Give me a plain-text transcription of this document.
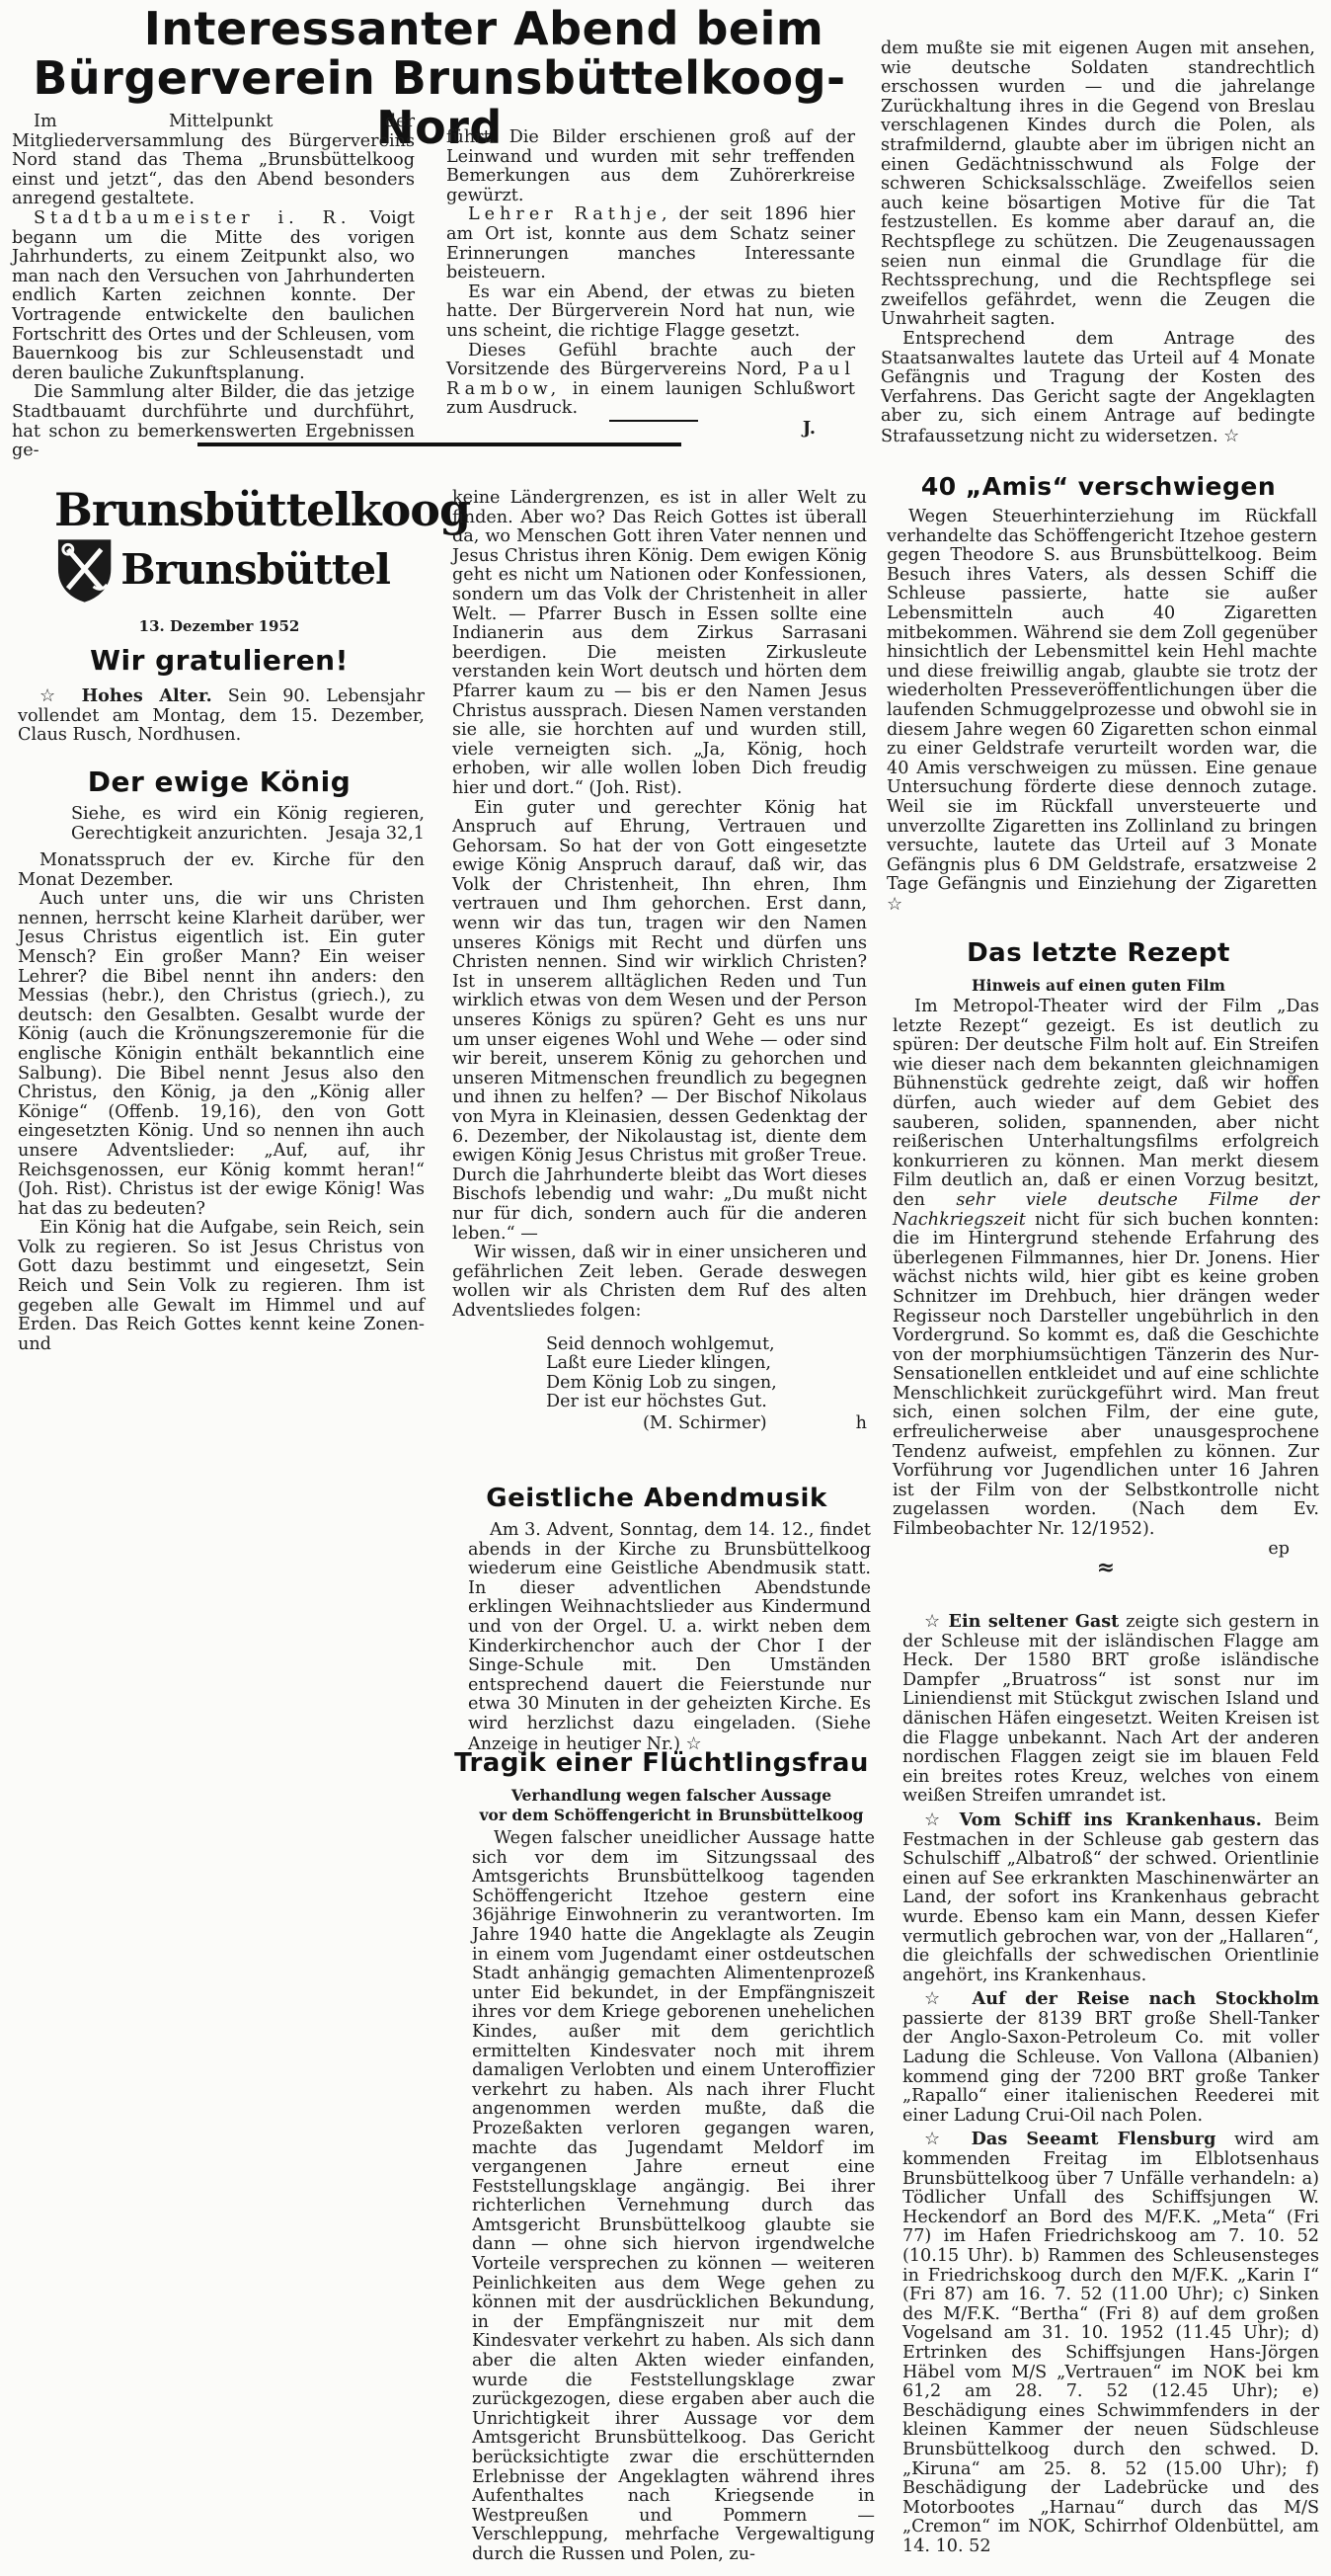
Interessanter Abend beim
Bürgerverein Brunsbüttelkoog-Nord

Im Mittelpunkt der Mitgliederversammlung des Bürgervereins Nord stand das Thema „Brunsbüttelkoog einst und jetzt“, das den Abend besonders anregend gestaltete.

Stadtbaumeister i. R. Voigt begann um die Mitte des vorigen Jahrhunderts, zu einem Zeitpunkt also, wo man nach den Versuchen von Jahrhunderten endlich Karten zeichnen konnte. Der Vortragende entwickelte den baulichen Fortschritt des Ortes und der Schleusen, vom Bauernkoog bis zur Schleusenstadt und deren bauliche Zukunftsplanung.

Die Sammlung alter Bilder, die das jetzige Stadtbauamt durchführte und durchführt, hat schon zu bemerkenswerten Ergebnissen ge-

führt. Die Bilder erschienen groß auf der Leinwand und wurden mit sehr treffenden Bemerkungen aus dem Zuhörerkreise gewürzt.

Lehrer Rathje, der seit 1896 hier am Ort ist, konnte aus dem Schatz seiner Erinnerungen manches Interessante beisteuern.

Es war ein Abend, der etwas zu bieten hatte. Der Bürgerverein Nord hat nun, wie uns scheint, die richtige Flagge gesetzt.

Dieses Gefühl brachte auch der Vorsitzende des Bürgervereins Nord, Paul Rambow, in einem launigen Schlußwort zum Ausdruck.

J.
Brunsbüttelkoog
Brunsbüttel
13. Dezember 1952
Wir gratulieren!

☆ Hohes Alter. Sein 90. Lebensjahr vollendet am Montag, dem 15. Dezember, Claus Rusch, Nordhusen.

Der ewige König

Siehe, es wird ein König regieren, Gerechtigkeit anzurichten.	Jesaja 32,1

Monatsspruch der ev. Kirche für den Monat Dezember.

Auch unter uns, die wir uns Christen nennen, herrscht keine Klarheit darüber, wer Jesus Christus eigentlich ist. Ein guter Mensch? Ein großer Mann? Ein weiser Lehrer? die Bibel nennt ihn anders: den Messias (hebr.), den Christus (griech.), zu deutsch: den Gesalbten. Gesalbt wurde der König (auch die Krönungszeremonie für die englische Königin enthält bekanntlich eine Salbung). Die Bibel nennt Jesus also den Christus, den König, ja den „König aller Könige“ (Offenb. 19,16), den von Gott eingesetzten König. Und so nennen ihn auch unsere Adventslieder: „Auf, auf, ihr Reichsgenossen, eur König kommt heran!“ (Joh. Rist). Christus ist der ewige König! Was hat das zu bedeuten?

Ein König hat die Aufgabe, sein Reich, sein Volk zu regieren. So ist Jesus Christus von Gott dazu bestimmt und eingesetzt, Sein Reich und Sein Volk zu regieren. Ihm ist gegeben alle Gewalt im Himmel und auf Erden. Das Reich Gottes kennt keine Zonen- und

keine Ländergrenzen, es ist in aller Welt zu finden. Aber wo? Das Reich Gottes ist überall da, wo Menschen Gott ihren Vater nennen und Jesus Christus ihren König. Dem ewigen König geht es nicht um Nationen oder Konfessionen, sondern um das Volk der Christenheit in aller Welt. — Pfarrer Busch in Essen sollte eine Indianerin aus dem Zirkus Sarrasani beerdigen. Die meisten Zirkusleute verstanden kein Wort deutsch und hörten dem Pfarrer kaum zu — bis er den Namen Jesus Christus aussprach. Diesen Namen verstanden sie alle, sie horchten auf und wurden still, viele verneigten sich. „Ja, König, hoch erhoben, wir alle wollen loben Dich freudig hier und dort.“ (Joh. Rist).

Ein guter und gerechter König hat Anspruch auf Ehrung, Vertrauen und Gehorsam. So hat der von Gott eingesetzte ewige König Anspruch darauf, daß wir, das Volk der Christenheit, Ihn ehren, Ihm vertrauen und Ihm gehorchen. Erst dann, wenn wir das tun, tragen wir den Namen unseres Königs mit Recht und dürfen uns Christen nennen. Sind wir wirklich Christen? Ist in unserem alltäglichen Reden und Tun wirklich etwas von dem Wesen und der Person unseres Königs zu spüren? Geht es uns nur um unser eigenes Wohl und Wehe — oder sind wir bereit, unserem König zu gehorchen und unseren Mitmenschen freundlich zu begegnen und ihnen zu helfen? — Der Bischof Nikolaus von Myra in Kleinasien, dessen Gedenktag der 6. Dezember, der Nikolaustag ist, diente dem ewigen König Jesus Christus mit großer Treue. Durch die Jahrhunderte bleibt das Wort dieses Bischofs lebendig und wahr: „Du mußt nicht nur für dich, sondern auch für die anderen leben.“ —

Wir wissen, daß wir in einer unsicheren und gefährlichen Zeit leben. Gerade deswegen wollen wir als Christen dem Ruf des alten Adventsliedes folgen:

Seid dennoch wohlgemut,
Laßt eure Lieder klingen,
Dem König Lob zu singen,
Der ist eur höchstes Gut.
(M. Schirmer)	h
Geistliche Abendmusik

Am 3. Advent, Sonntag, dem 14. 12., findet abends in der Kirche zu Brunsbüttelkoog wiederum eine Geistliche Abendmusik statt. In dieser adventlichen Abendstunde erklingen Weihnachtslieder aus Kindermund und von der Orgel. U. a. wirkt neben dem Kinderkirchenchor auch der Chor I der Singe-Schule mit. Den Umständen entsprechend dauert die Feierstunde nur etwa 30 Minuten in der geheizten Kirche. Es wird herzlichst dazu eingeladen. (Siehe Anzeige in heutiger Nr.) ☆

Tragik einer Flüchtlingsfrau
Verhandlung wegen falscher Aussage
vor dem Schöffengericht in Brunsbüttelkoog

Wegen falscher uneidlicher Aussage hatte sich vor dem im Sitzungssaal des Amtsgerichts Brunsbüttelkoog tagenden Schöffengericht Itzehoe gestern eine 36jährige Einwohnerin zu verantworten. Im Jahre 1940 hatte die Angeklagte als Zeugin in einem vom Jugendamt einer ostdeutschen Stadt anhängig gemachten Alimentenprozeß unter Eid bekundet, in der Empfängniszeit ihres vor dem Kriege geborenen unehelichen Kindes, außer mit dem gerichtlich ermittelten Kindesvater noch mit ihrem damaligen Verlobten und einem Unteroffizier verkehrt zu haben. Als nach ihrer Flucht angenommen werden mußte, daß die Prozeßakten verloren gegangen waren, machte das Jugendamt Meldorf im vergangenen Jahre erneut eine Feststellungsklage angängig. Bei ihrer richterlichen Vernehmung durch das Amtsgericht Brunsbüttelkoog glaubte sie dann — ohne sich hiervon irgendwelche Vorteile versprechen zu können — weiteren Peinlichkeiten aus dem Wege gehen zu können mit der ausdrücklichen Bekundung, in der Empfängniszeit nur mit dem Kindesvater verkehrt zu haben. Als sich dann aber die alten Akten wieder einfanden, wurde die Feststellungsklage zwar zurückgezogen, diese ergaben aber auch die Unrichtigkeit ihrer Aussage vor dem Amtsgericht Brunsbüttelkoog. Das Gericht berücksichtigte zwar die erschütternden Erlebnisse der Angeklagten während ihres Aufenthaltes nach Kriegsende in Westpreußen und Pommern — Verschleppung, mehrfache Vergewaltigung durch die Russen und Polen, zu-

dem mußte sie mit eigenen Augen mit ansehen, wie deutsche Soldaten standrechtlich erschossen wurden — und die jahrelange Zurückhaltung ihres in die Gegend von Breslau verschlagenen Kindes durch die Polen, als strafmildernd, glaubte aber im übrigen nicht an einen Gedächtnisschwund als Folge der schweren Schicksalsschläge. Zweifellos seien auch keine bösartigen Motive für die Tat festzustellen. Es komme aber darauf an, die Rechtspflege zu schützen. Die Zeugenaussagen seien nun einmal die Grundlage für die Rechtssprechung, und die Rechtspflege sei zweifellos gefährdet, wenn die Zeugen die Unwahrheit sagten.

Entsprechend dem Antrage des Staatsanwaltes lautete das Urteil auf 4 Monate Gefängnis und Tragung der Kosten des Verfahrens. Das Gericht sagte der Angeklagten aber zu, sich einem Antrage auf bedingte Strafaussetzung nicht zu widersetzen. ☆

40 „Amis“ verschwiegen

Wegen Steuerhinterziehung im Rückfall verhandelte das Schöffengericht Itzehoe gestern gegen Theodore S. aus Brunsbüttelkoog. Beim Besuch ihres Vaters, als dessen Schiff die Schleuse passierte, hatte sie außer Lebensmitteln auch 40 Zigaretten mitbekommen. Während sie dem Zoll gegenüber hinsichtlich der Lebensmittel kein Hehl machte und diese freiwillig angab, glaubte sie trotz der wiederholten Presseveröffentlichungen über die laufenden Schmuggelprozesse und obwohl sie in diesem Jahre wegen 60 Zigaretten schon einmal zu einer Geldstrafe verurteilt worden war, die 40 Amis verschweigen zu müssen. Eine genaue Untersuchung förderte diese dennoch zutage. Weil sie im Rückfall unversteuerte und unverzollte Zigaretten ins Zollinland zu bringen versuchte, lautete das Urteil auf 3 Monate Gefängnis plus 6 DM Geldstrafe, ersatzweise 2 Tage Gefängnis und Einziehung der Zigaretten ☆

Das letzte Rezept
Hinweis auf einen guten Film

Im Metropol-Theater wird der Film „Das letzte Rezept“ gezeigt. Es ist deutlich zu spüren: Der deutsche Film holt auf. Ein Streifen wie dieser nach dem bekannten gleichnamigen Bühnenstück gedrehte zeigt, daß wir hoffen dürfen, auch wieder auf dem Gebiet des sauberen, soliden, spannenden, aber nicht reißerischen Unterhaltungsfilms erfolgreich konkurrieren zu können. Man merkt diesem Film deutlich an, daß er einen Vorzug besitzt, den sehr viele deutsche Filme der Nachkriegszeit nicht für sich buchen konnten: die im Hintergrund stehende Erfahrung des überlegenen Filmmannes, hier Dr. Jonens. Hier wächst nichts wild, hier gibt es keine groben Schnitzer im Drehbuch, hier drängen weder Regisseur noch Darsteller ungebührlich in den Vordergrund. So kommt es, daß die Geschichte von der morphiumsüchtigen Tänzerin des Nur-Sensationellen entkleidet und auf eine schlichte Menschlichkeit zurückgeführt wird. Man freut sich, einen solchen Film, der eine gute, erfreulicherweise aber unausgesprochene Tendenz aufweist, empfehlen zu können. Zur Vorführung vor Jugendlichen unter 16 Jahren ist der Film von der Selbstkontrolle nicht zugelassen worden. (Nach dem Ev. Filmbeobachter Nr. 12/1952).

ep
≈

☆ Ein seltener Gast zeigte sich gestern in der Schleuse mit der isländischen Flagge am Heck. Der 1580 BRT große isländische Dampfer „Bruatross“ ist sonst nur im Liniendienst mit Stückgut zwischen Island und dänischen Häfen eingesetzt. Weiten Kreisen ist die Flagge unbekannt. Nach Art der anderen nordischen Flaggen zeigt sie im blauen Feld ein breites rotes Kreuz, welches von einem weißen Streifen umrandet ist.

☆ Vom Schiff ins Krankenhaus. Beim Festmachen in der Schleuse gab gestern das Schulschiff „Albatroß“ der schwed. Orientlinie einen auf See erkrankten Maschinenwärter an Land, der sofort ins Krankenhaus gebracht wurde. Ebenso kam ein Mann, dessen Kiefer vermutlich gebrochen war, von der „Hallaren“, die gleichfalls der schwedischen Orientlinie angehört, ins Krankenhaus.

☆ Auf der Reise nach Stockholm passierte der 8139 BRT große Shell-Tanker der Anglo-Saxon-Petroleum Co. mit voller Ladung die Schleuse. Von Vallona (Albanien) kommend ging der 7200 BRT große Tanker „Rapallo“ einer italienischen Reederei mit einer Ladung Crui-Oil nach Polen.

☆ Das Seeamt Flensburg wird am kommenden Freitag im Elblotsenhaus Brunsbüttelkoog über 7 Unfälle verhandeln: a) Tödlicher Unfall des Schiffsjungen W. Heckendorf an Bord des M/F.K. „Meta“ (Fri 77) im Hafen Friedrichskoog am 7. 10. 52 (10.15 Uhr). b) Rammen des Schleusensteges in Friedrichskoog durch den M/F.K. „Karin I“ (Fri 87) am 16. 7. 52 (11.00 Uhr); c) Sinken des M/F.K. “Bertha“ (Fri 8) auf dem großen Vogelsand am 31. 10. 1952 (11.45 Uhr); d) Ertrinken des Schiffsjungen Hans-Jörgen Häbel vom M/S „Vertrauen“ im NOK bei km 61,2 am 28. 7. 52 (12.45 Uhr); e) Beschädigung eines Schwimmfenders in der kleinen Kammer der neuen Südschleuse Brunsbüttelkoog durch den schwed. D. „Kiruna“ am 25. 8. 52 (15.00 Uhr); f) Beschädigung der Ladebrücke und des Motorbootes „Harnau“ durch das M/S „Cremon“ im NOK, Schirrhof Oldenbüttel, am 14. 10. 52
